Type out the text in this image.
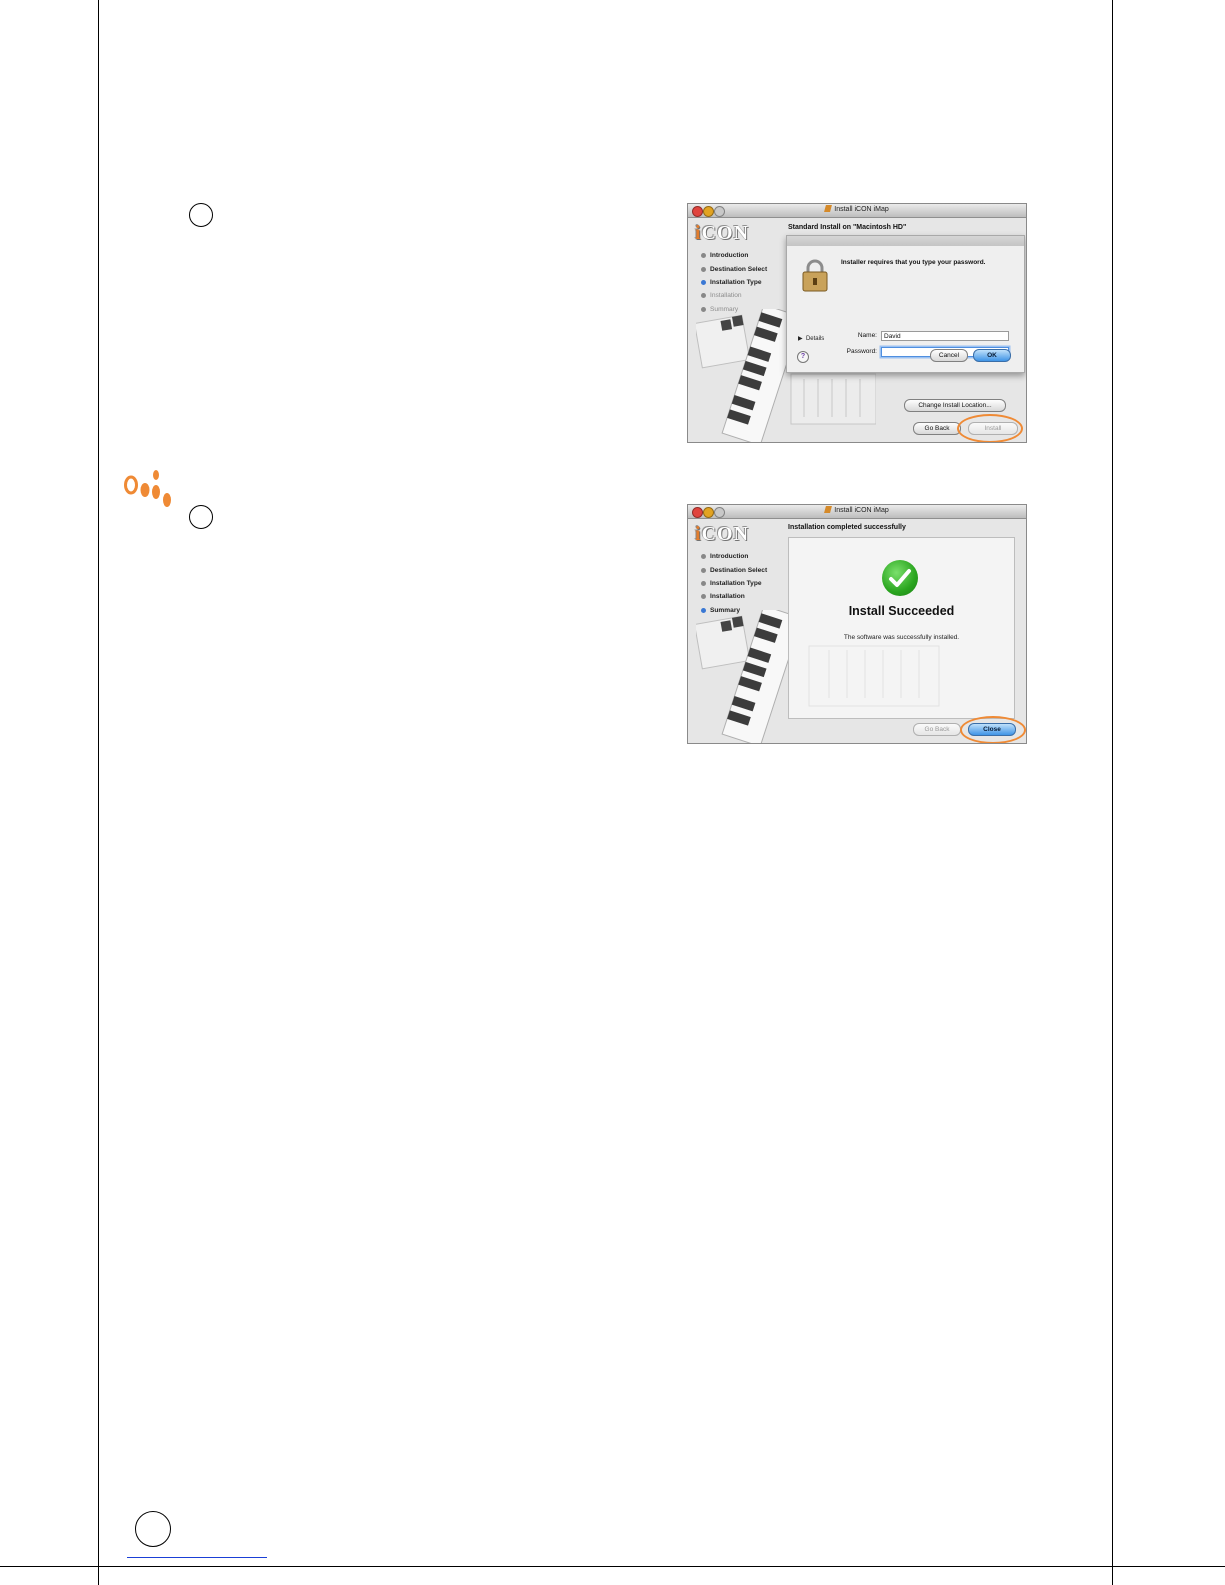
Install iCON iMap
iCON
Introduction
Destination Select
Installation Type
Installation
Summary
Standard Install on "Macintosh HD"
Installer requires that you type your password.
Name:	David
Password:
▶ Details
?	Cancel	OK
Change Install Location...
Go Back	Install
Install iCON iMap
iCON
Introduction
Destination Select
Installation Type
Installation
Summary
Installation completed successfully
Install Succeeded
The software was successfully installed.
Go Back	Close
